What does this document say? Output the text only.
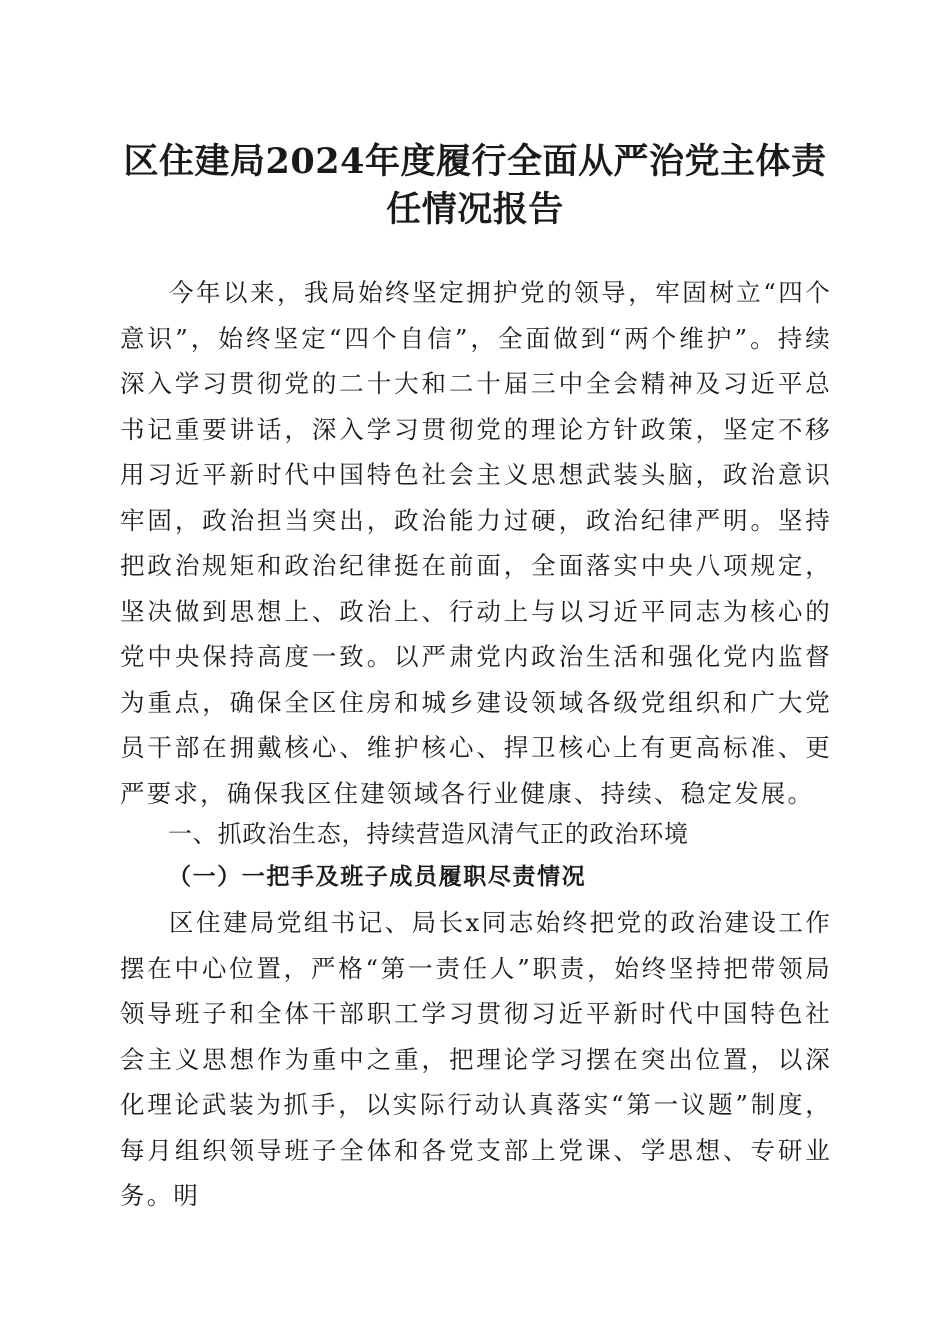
区住建局2024年度履行全面从严治党主体责
任情况报告

今年以来，我局始终坚定拥护党的领导，牢固树立“四个意识”，始终坚定“四个自信”，全面做到“两个维护”。持续深入学习贯彻党的二十大和二十届三中全会精神及习近平总书记重要讲话，深入学习贯彻党的理论方针政策，坚定不移用习近平新时代中国特色社会主义思想武装头脑，政治意识牢固，政治担当突出，政治能力过硬，政治纪律严明。坚持把政治规矩和政治纪律挺在前面，全面落实中央八项规定，坚决做到思想上、政治上、行动上与以习近平同志为核心的党中央保持高度一致。以严肃党内政治生活和强化党内监督为重点，确保全区住房和城乡建设领域各级党组织和广大党员干部在拥戴核心、维护核心、捍卫核心上有更高标准、更严要求，确保我区住建领域各行业健康、持续、稳定发展。

一、抓政治生态，持续营造风清气正的政治环境
（一）一把手及班子成员履职尽责情况

区住建局党组书记、局长x同志始终把党的政治建设工作摆在中心位置，严格“第一责任人”职责，始终坚持把带领局领导班子和全体干部职工学习贯彻习近平新时代中国特色社会主义思想作为重中之重，把理论学习摆在突出位置，以深化理论武装为抓手，以实际行动认真落实“第一议题”制度，每月组织领导班子全体和各党支部上党课、学思想、专研业务。明
